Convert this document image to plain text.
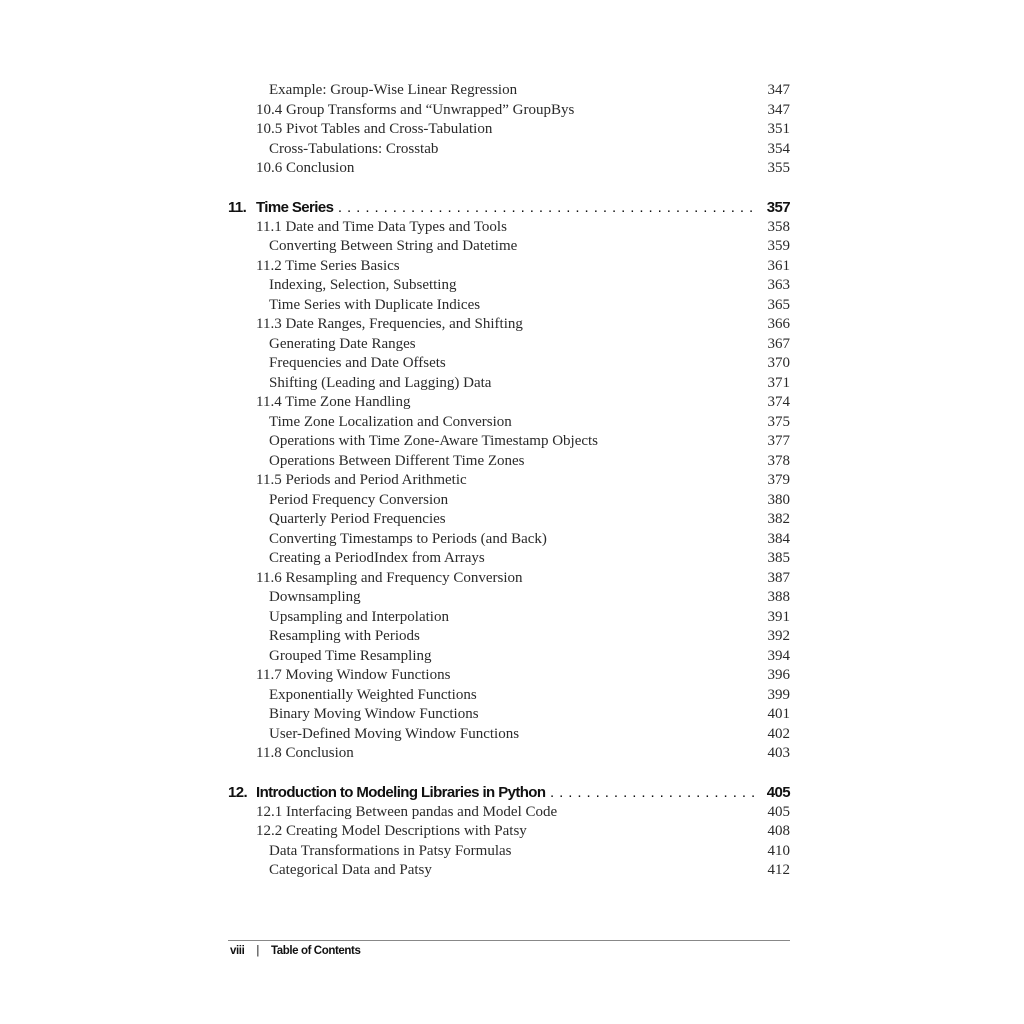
Example: Group-Wise Linear Regression	347
10.4 Group Transforms and “Unwrapped” GroupBys	347
10.5 Pivot Tables and Cross-Tabulation	351
Cross-Tabulations: Crosstab	354
10.6 Conclusion	355
11. Time Series . . .	357
11.1 Date and Time Data Types and Tools	358
Converting Between String and Datetime	359
11.2 Time Series Basics	361
Indexing, Selection, Subsetting	363
Time Series with Duplicate Indices	365
11.3 Date Ranges, Frequencies, and Shifting	366
Generating Date Ranges	367
Frequencies and Date Offsets	370
Shifting (Leading and Lagging) Data	371
11.4 Time Zone Handling	374
Time Zone Localization and Conversion	375
Operations with Time Zone-Aware Timestamp Objects	377
Operations Between Different Time Zones	378
11.5 Periods and Period Arithmetic	379
Period Frequency Conversion	380
Quarterly Period Frequencies	382
Converting Timestamps to Periods (and Back)	384
Creating a PeriodIndex from Arrays	385
11.6 Resampling and Frequency Conversion	387
Downsampling	388
Upsampling and Interpolation	391
Resampling with Periods	392
Grouped Time Resampling	394
11.7 Moving Window Functions	396
Exponentially Weighted Functions	399
Binary Moving Window Functions	401
User-Defined Moving Window Functions	402
11.8 Conclusion	403
12. Introduction to Modeling Libraries in Python . . .	405
12.1 Interfacing Between pandas and Model Code	405
12.2 Creating Model Descriptions with Patsy	408
Data Transformations in Patsy Formulas	410
Categorical Data and Patsy	412
viii | Table of Contents
